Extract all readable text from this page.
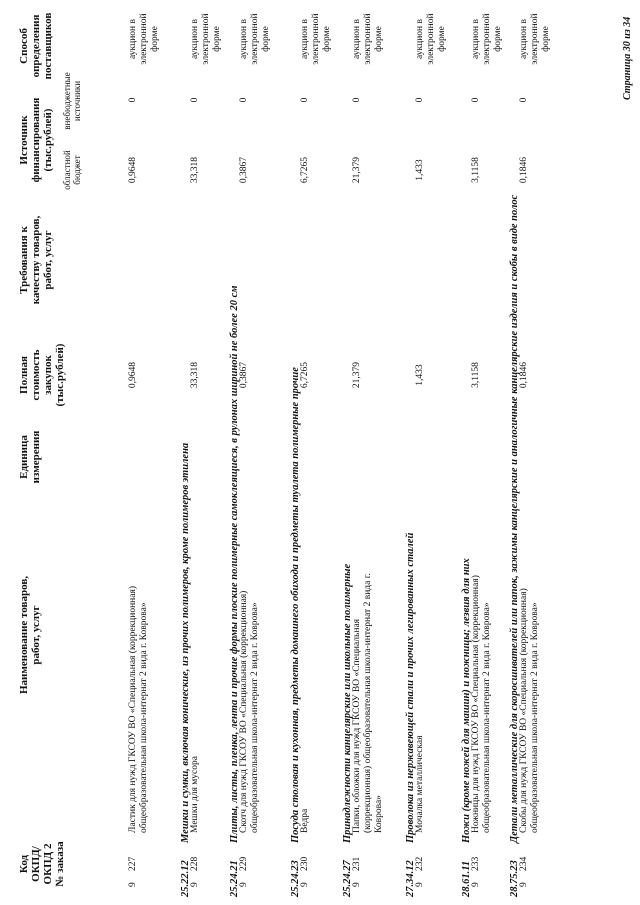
Код ОКПД/ ОКПД 2 № заказа
Наименование товаров, работ, услуг
Единица измерения
Полная стоимость закупок (тыс.рублей)
Требования к качеству товаров, работ, услуг
Источник финансирования (тыс.рублей) областной бюджет
внебюджетные источники
Способ определения поставщиков
9
227
Ластик для нужд ГКСОУ ВО «Специальная (коррекционная) общеобразовательная школа-интернат 2 вида г. Коврова»
0,9648
0,9648
0
аукцион в электронной форме
25.22.12
Мешки и сумки, включая конические, из прочих полимеров, кроме полимеров этилена
9
228
Мешки для мусора
33,318
33,318
0
аукцион в электронной форме
25.24.21
Плиты, листы, пленка, лента и прочие формы плоские полимерные самоклеящиеся, в рулонах шириной не более 20 см
9
229
Скотч для нужд ГКСОУ ВО «Специальная (коррекционная) общеобразовательная школа-интернат 2 вида г. Коврова»
0,3867
0,3867
0
аукцион в электронной форме
25.24.23
Посуда столовая и кухонная, предметы домашнего обихода и предметы туалета полимерные прочие
9
230
Ведра
6,7265
6,7265
0
аукцион в электронной форме
25.24.27
Принадлежности канцелярские или школьные полимерные
9
231
Папки, обложки для нужд ГКСОУ ВО «Специальная (коррекционная) общеобразовательная школа-интернат 2 вида г. Коврова»
21,379
21,379
0
аукцион в электронной форме
27.34.12
Проволока из нержавеющей стали и прочих легированных сталей
9
232
Мочалка металлическая
1,433
1,433
0
аукцион в электронной форме
28.61.11
Ножи (кроме ножей для машин) и ножницы; лезвия для них
9
233
Ножницы для нужд ГКСОУ ВО «Специальная (коррекционная) общеобразовательная школа-интернат 2 вида г. Коврова»
3,1158
3,1158
0
аукцион в электронной форме
28.75.23
Детали металлические для скоросшивателей или папок, зажимы канцелярские и аналогичные канцелярские изделия и скобы в виде полос
9
234
Скобы для нужд ГКСОУ ВО «Специальная (коррекционная) общеобразовательная школа-интернат 2 вида г. Коврова»
0,1846
0,1846
0
аукцион в электронной форме	Страница 30 из 34
